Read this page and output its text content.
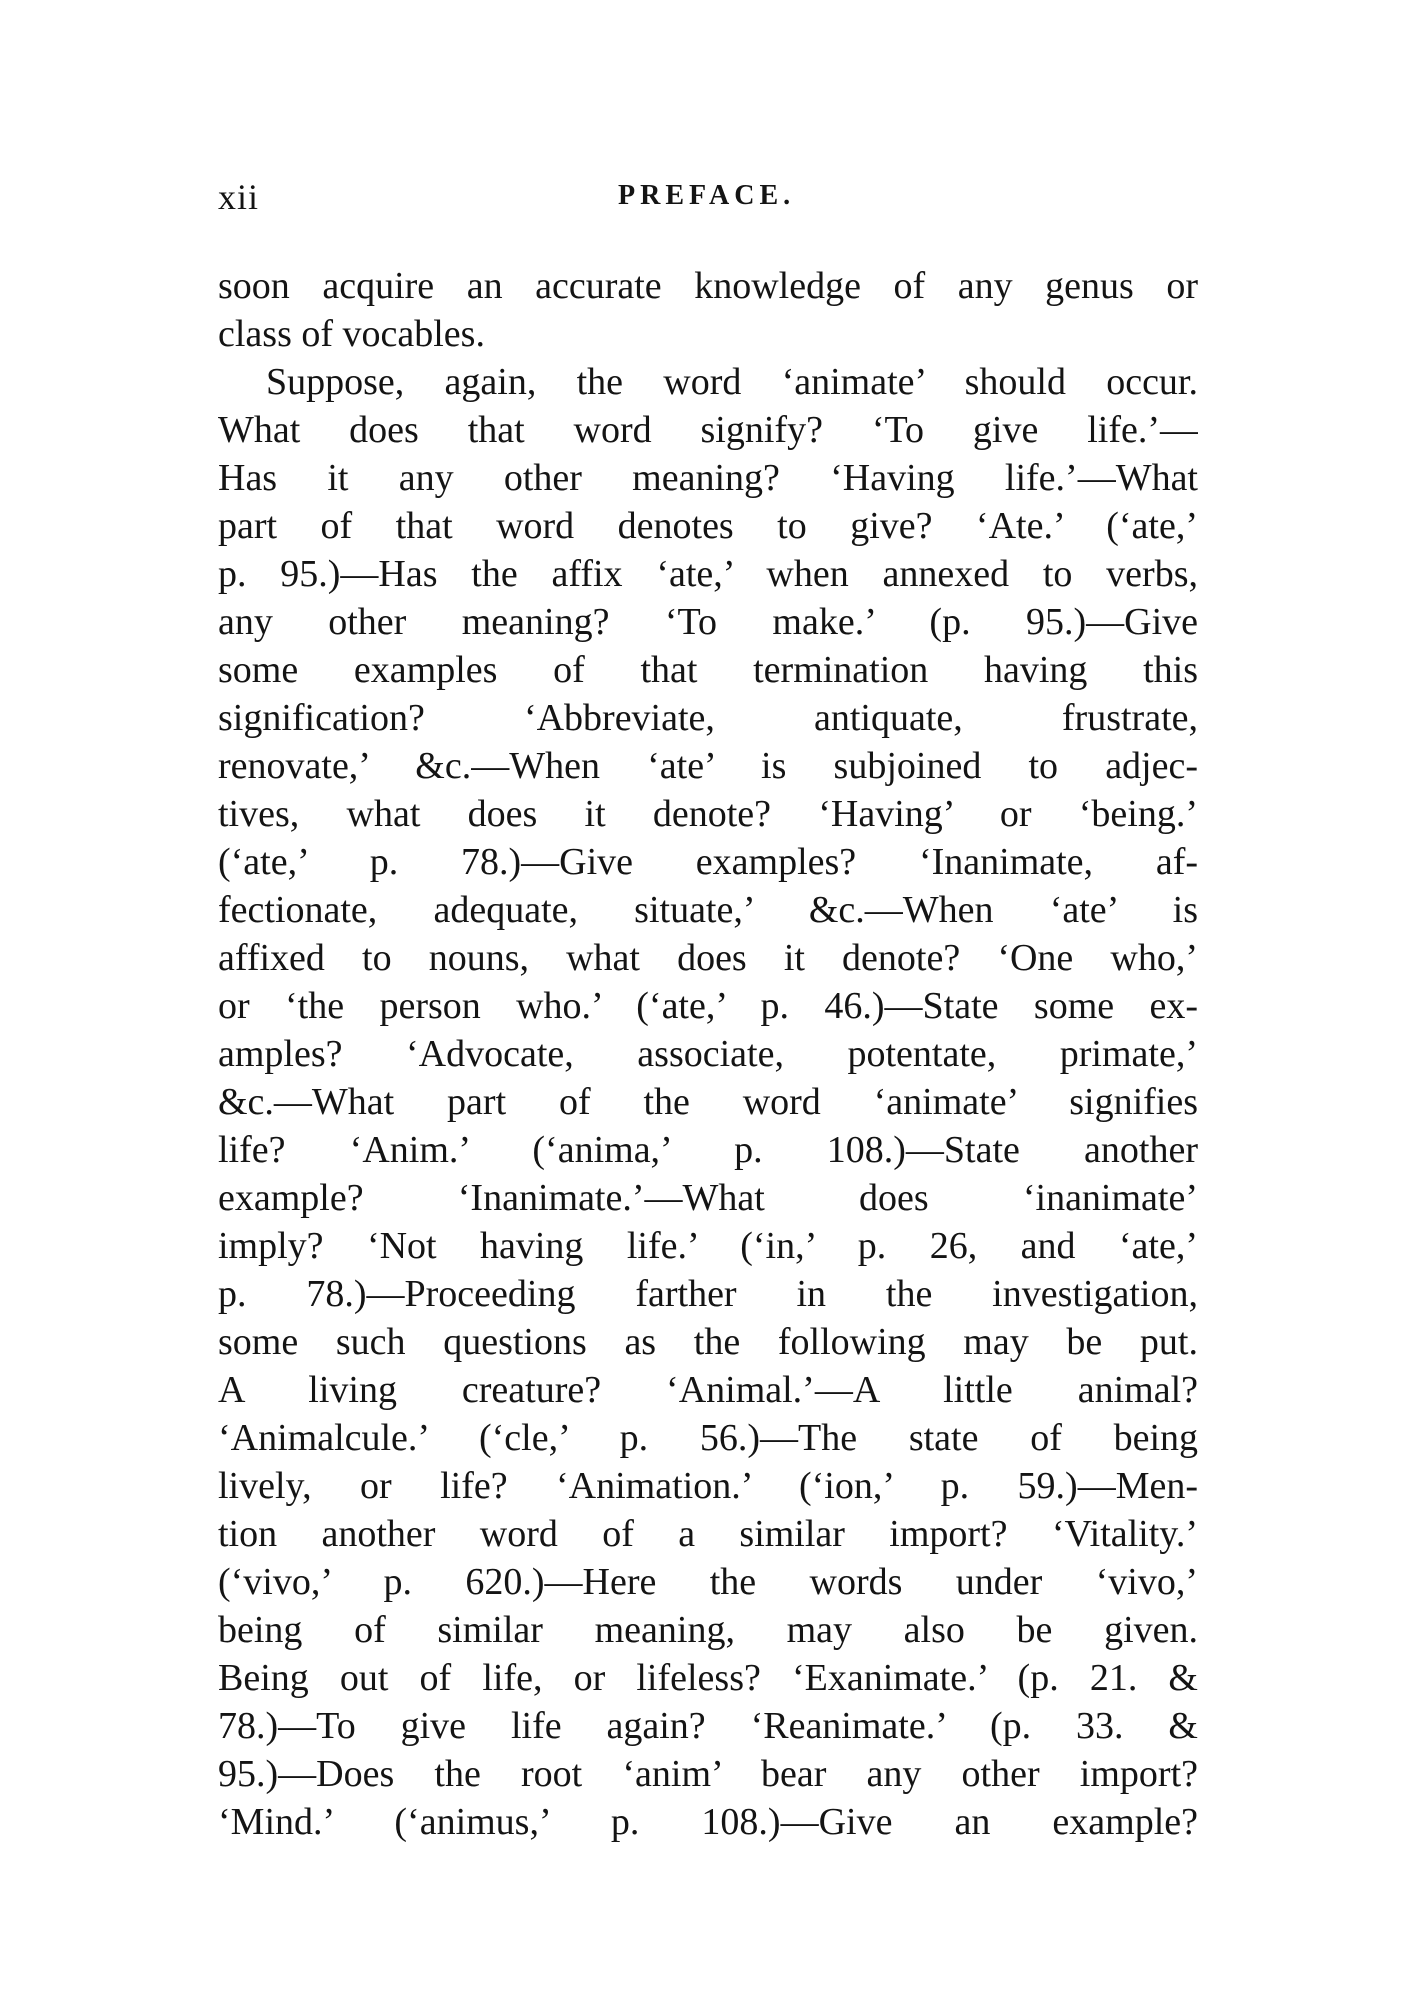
xii	PREFACE.
soon acquire an accurate knowledge of any genus or
class of vocables.
Suppose, again, the word ‘animate’ should occur.
What does that word signify? ‘To give life.’—
Has it any other meaning? ‘Having life.’—What
part of that word denotes to give? ‘Ate.’ (‘ate,’
p. 95.)—Has the affix ‘ate,’ when annexed to verbs,
any other meaning? ‘To make.’ (p. 95.)—Give
some examples of that termination having this
signification? ‘Abbreviate, antiquate, frustrate,
renovate,’ &c.—When ‘ate’ is subjoined to adjec-
tives, what does it denote? ‘Having’ or ‘being.’
(‘ate,’ p. 78.)—Give examples? ‘Inanimate, af-
fectionate, adequate, situate,’ &c.—When ‘ate’ is
affixed to nouns, what does it denote? ‘One who,’
or ‘the person who.’ (‘ate,’ p. 46.)—State some ex-
amples? ‘Advocate, associate, potentate, primate,’
&c.—What part of the word ‘animate’ signifies
life? ‘Anim.’ (‘anima,’ p. 108.)—State another
example? ‘Inanimate.’—What does ‘inanimate’
imply? ‘Not having life.’ (‘in,’ p. 26, and ‘ate,’
p. 78.)—Proceeding farther in the investigation,
some such questions as the following may be put.
A living creature? ‘Animal.’—A little animal?
‘Animalcule.’ (‘cle,’ p. 56.)—The state of being
lively, or life? ‘Animation.’ (‘ion,’ p. 59.)—Men-
tion another word of a similar import? ‘Vitality.’
(‘vivo,’ p. 620.)—Here the words under ‘vivo,’
being of similar meaning, may also be given.
Being out of life, or lifeless? ‘Exanimate.’ (p. 21. &
78.)—To give life again? ‘Reanimate.’ (p. 33. &
95.)—Does the root ‘anim’ bear any other import?
‘Mind.’ (‘animus,’ p. 108.)—Give an example?
